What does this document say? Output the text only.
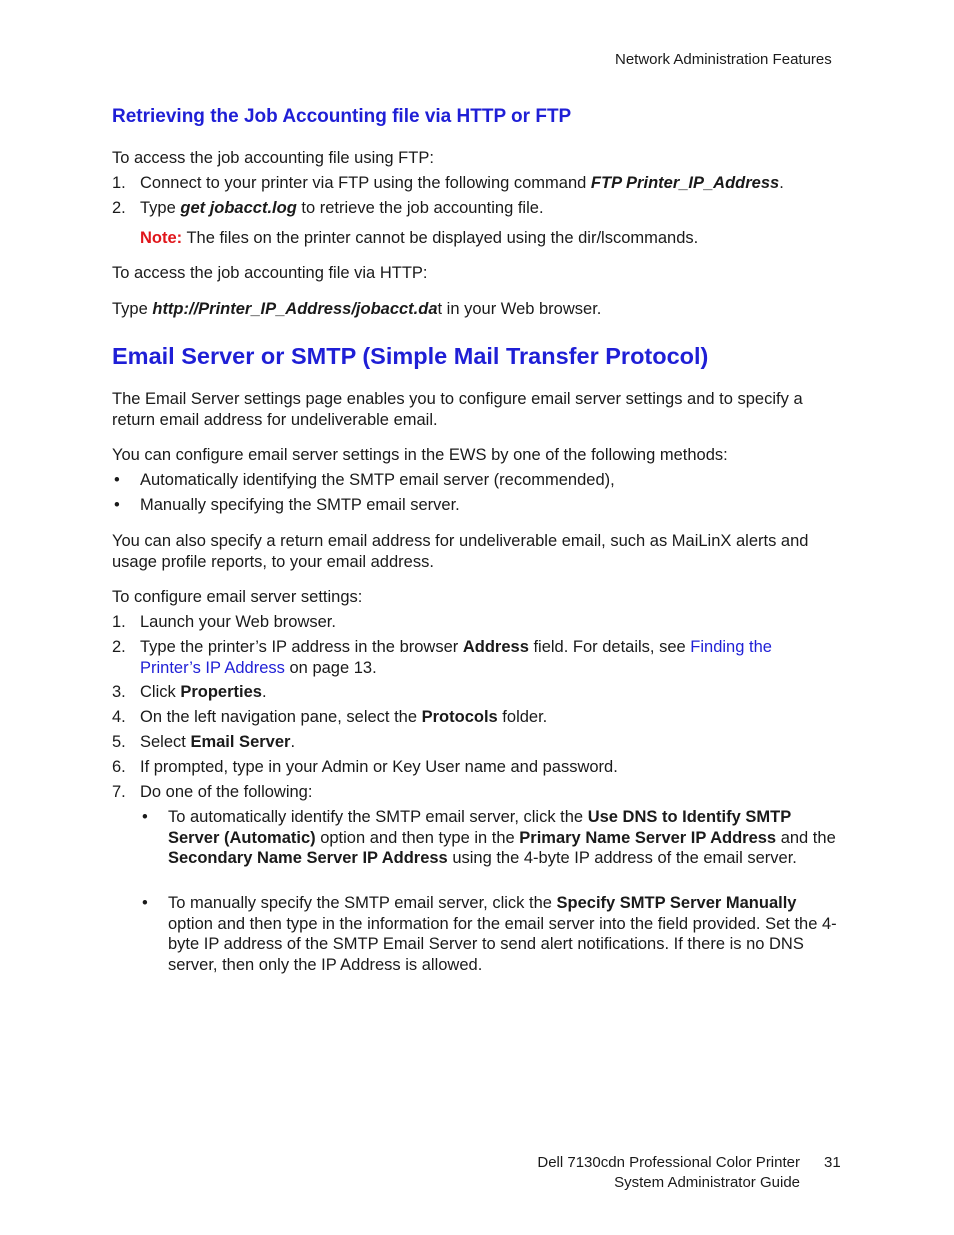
Network Administration Features
Retrieving the Job Accounting file via HTTP or FTP
To access the job accounting file using FTP:
1. Connect to your printer via FTP using the following command FTP Printer_IP_Address.
2. Type get jobacct.log to retrieve the job accounting file.
Note: The files on the printer cannot be displayed using the dir/lscommands.
To access the job accounting file via HTTP:
Type http://Printer_IP_Address/jobacct.dat in your Web browser.
Email Server or SMTP (Simple Mail Transfer Protocol)
The Email Server settings page enables you to configure email server settings and to specify a return email address for undeliverable email.
You can configure email server settings in the EWS by one of the following methods:
• Automatically identifying the SMTP email server (recommended),
• Manually specifying the SMTP email server.
You can also specify a return email address for undeliverable email, such as MaiLinX alerts and usage profile reports, to your email address.
To configure email server settings:
1. Launch your Web browser.
2. Type the printer’s IP address in the browser Address field. For details, see Finding the Printer’s IP Address on page 13.
3. Click Properties.
4. On the left navigation pane, select the Protocols folder.
5. Select Email Server.
6. If prompted, type in your Admin or Key User name and password.
7. Do one of the following:
• To automatically identify the SMTP email server, click the Use DNS to Identify SMTP Server (Automatic) option and then type in the Primary Name Server IP Address and the Secondary Name Server IP Address using the 4-byte IP address of the email server.
• To manually specify the SMTP email server, click the Specify SMTP Server Manually option and then type in the information for the email server into the field provided. Set the 4-byte IP address of the SMTP Email Server to send alert notifications. If there is no DNS server, then only the IP Address is allowed.
Dell 7130cdn Professional Color Printer
System Administrator Guide
31
